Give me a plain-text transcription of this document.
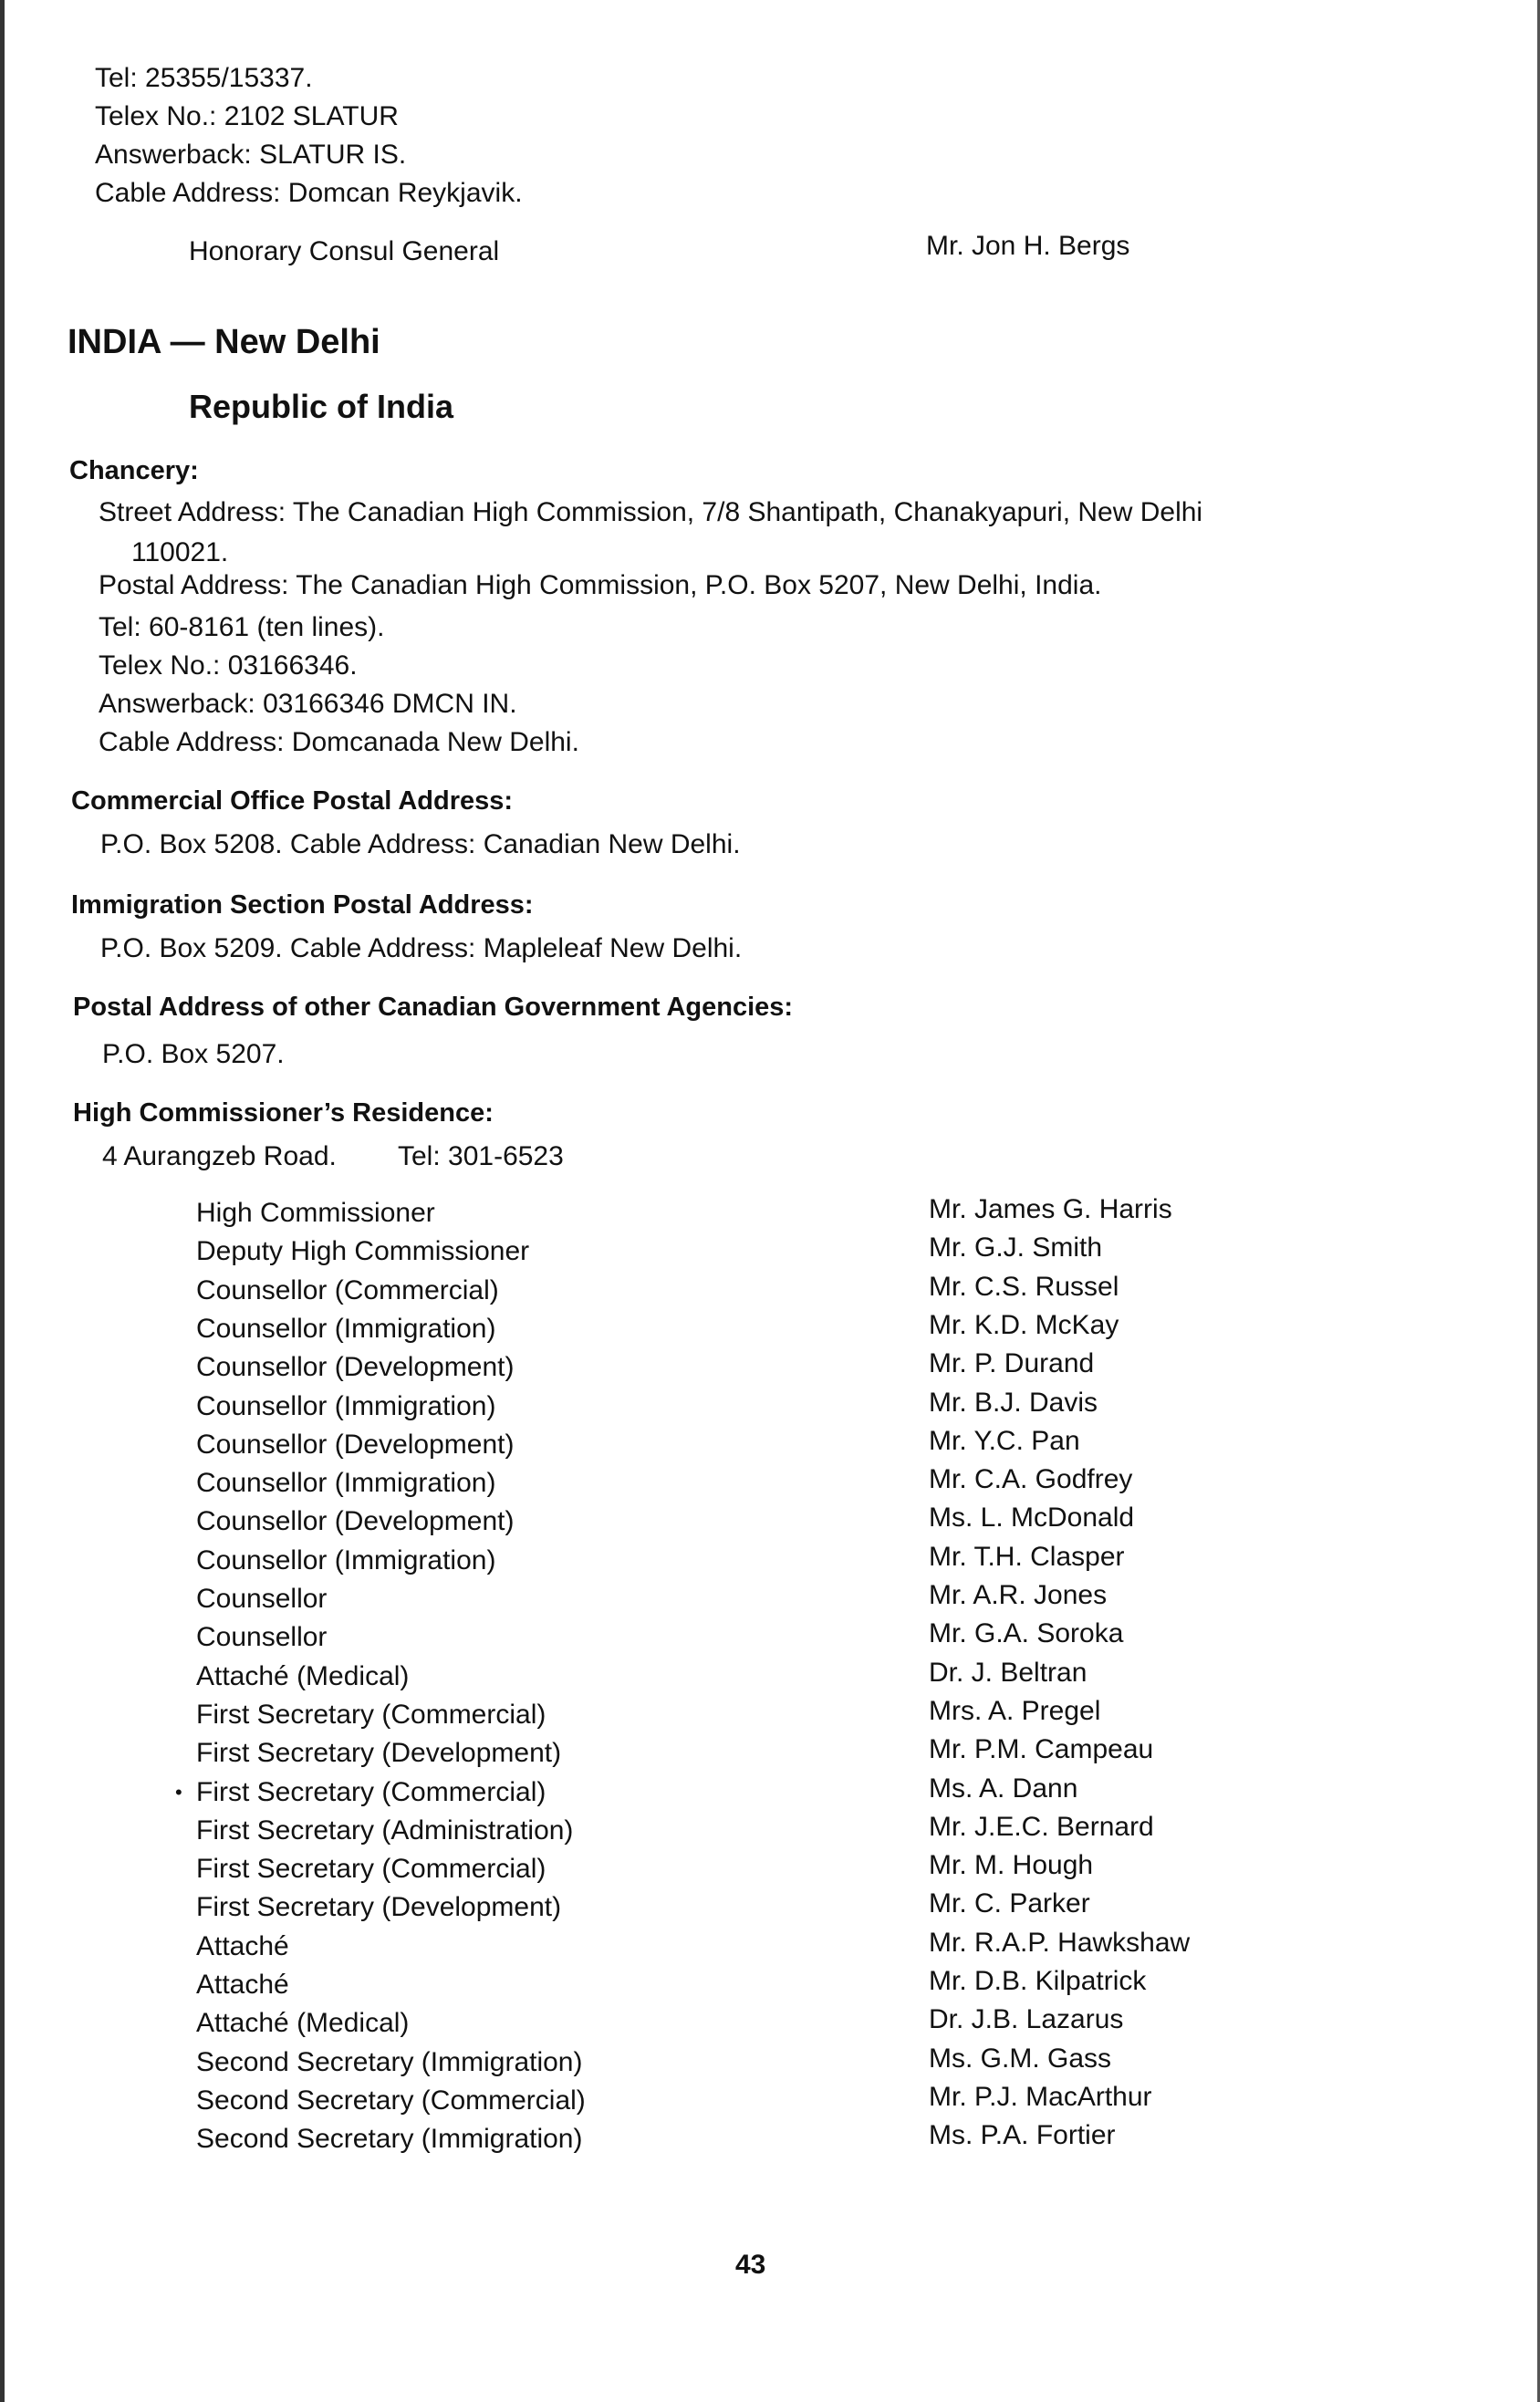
Tel: 25355/15337.
Telex No.: 2102 SLATUR
Answerback: SLATUR IS.
Cable Address: Domcan Reykjavik.
Honorary Consul General	Mr. Jon H. Bergs
INDIA — New Delhi
Republic of India
Chancery:
Street Address: The Canadian High Commission, 7/8 Shantipath, Chanakyapuri, New Delhi
110021.
Postal Address: The Canadian High Commission, P.O. Box 5207, New Delhi, India.
Tel: 60-8161 (ten lines).
Telex No.: 03166346.
Answerback: 03166346 DMCN IN.
Cable Address: Domcanada New Delhi.
Commercial Office Postal Address:
P.O. Box 5208. Cable Address: Canadian New Delhi.
Immigration Section Postal Address:
P.O. Box 5209. Cable Address: Mapleleaf New Delhi.
Postal Address of other Canadian Government Agencies:
P.O. Box 5207.
High Commissioner’s Residence:
4 Aurangzeb Road. Tel: 301-6523
High Commissioner	Mr. James G. Harris
Deputy High Commissioner	Mr. G.J. Smith
Counsellor (Commercial)	Mr. C.S. Russel
Counsellor (Immigration)	Mr. K.D. McKay
Counsellor (Development)	Mr. P. Durand
Counsellor (Immigration)	Mr. B.J. Davis
Counsellor (Development)	Mr. Y.C. Pan
Counsellor (Immigration)	Mr. C.A. Godfrey
Counsellor (Development)	Ms. L. McDonald
Counsellor (Immigration)	Mr. T.H. Clasper
Counsellor	Mr. A.R. Jones
Counsellor	Mr. G.A. Soroka
Attaché (Medical)	Dr. J. Beltran
First Secretary (Commercial)	Mrs. A. Pregel
First Secretary (Development)	Mr. P.M. Campeau
First Secretary (Commercial)	Ms. A. Dann
•
First Secretary (Administration)	Mr. J.E.C. Bernard
First Secretary (Commercial)	Mr. M. Hough
First Secretary (Development)	Mr. C. Parker
Attaché	Mr. R.A.P. Hawkshaw
Attaché	Mr. D.B. Kilpatrick
Attaché (Medical)	Dr. J.B. Lazarus
Second Secretary (Immigration)	Ms. G.M. Gass
Second Secretary (Commercial)	Mr. P.J. MacArthur
Second Secretary (Immigration)	Ms. P.A. Fortier
43
